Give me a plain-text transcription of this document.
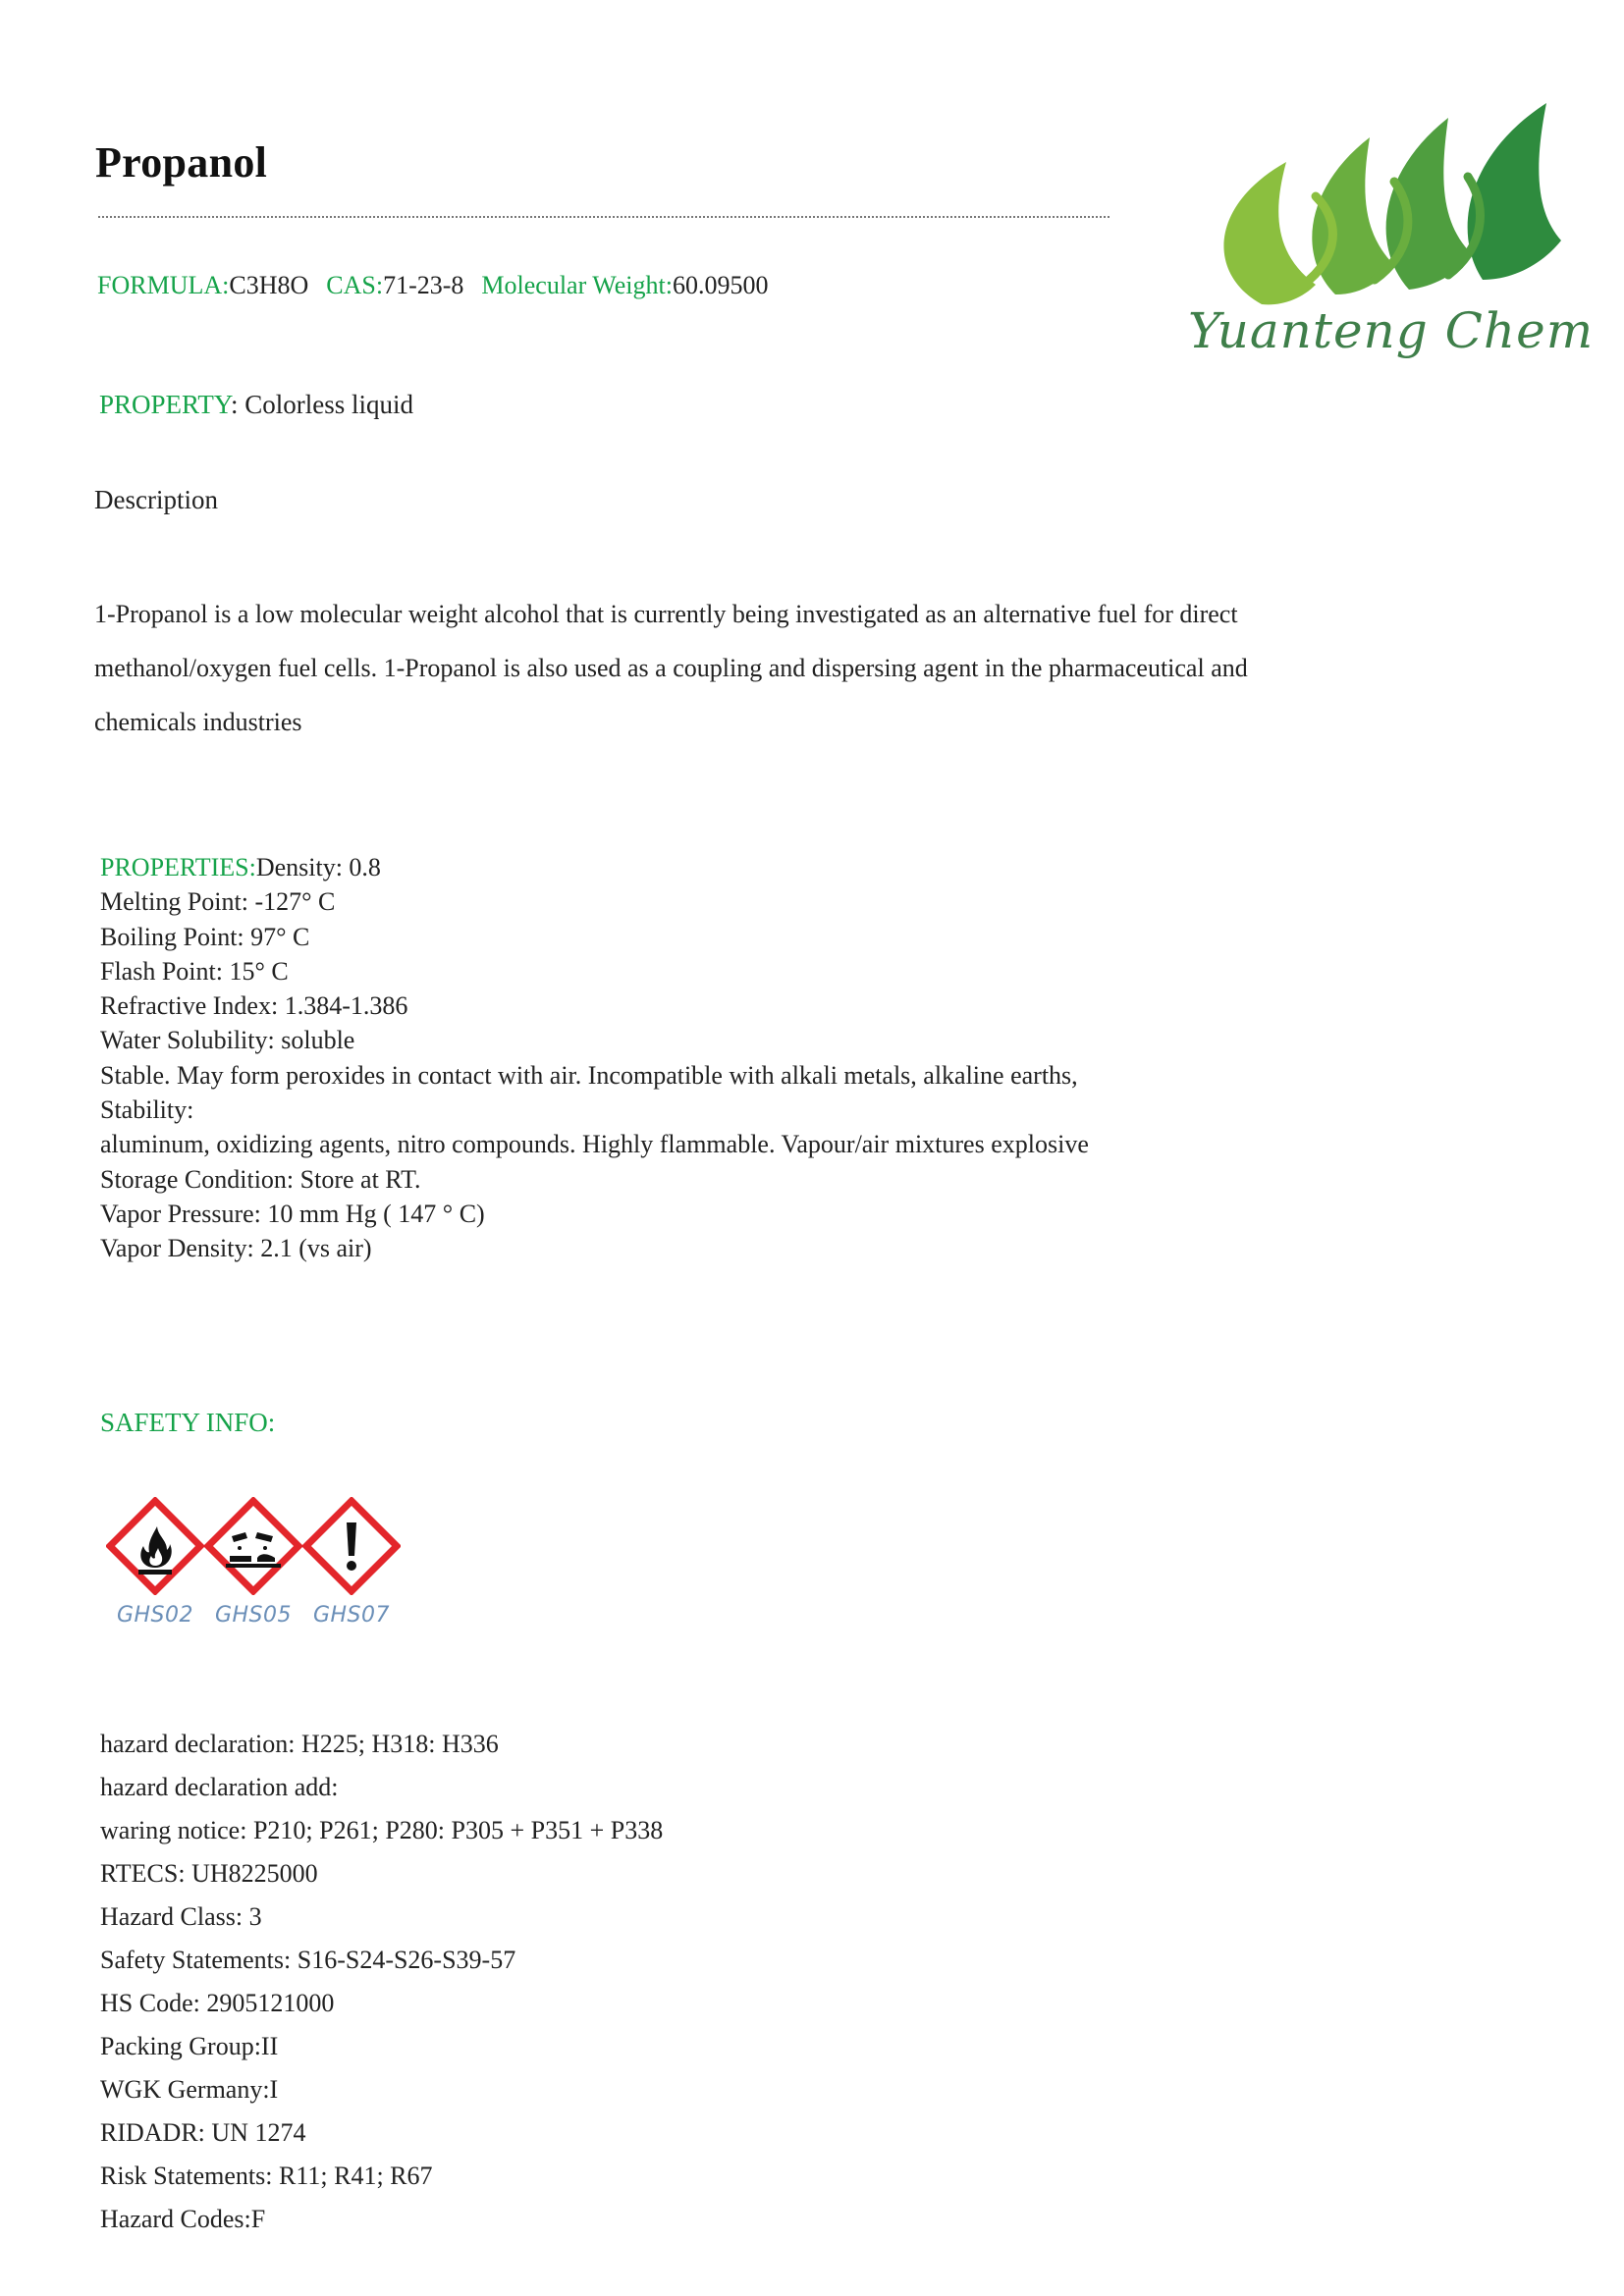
Propanol
FORMULA:C3H8O CAS:71-23-8 Molecular Weight:60.09500
PROPERTY: Colorless liquid
Description
1-Propanol is a low molecular weight alcohol that is currently being investigated as an alternative fuel for direct
methanol/oxygen fuel cells. 1-Propanol is also used as a coupling and dispersing agent in the pharmaceutical and
chemicals industries
PROPERTIES:Density: 0.8
Melting Point: -127° C
Boiling Point: 97° C
Flash Point: 15° C
Refractive Index: 1.384-1.386
Water Solubility: soluble
Stable. May form peroxides in contact with air. Incompatible with alkali metals, alkaline earths,
Stability:
aluminum, oxidizing agents, nitro compounds. Highly flammable. Vapour/air mixtures explosive
Storage Condition: Store at RT.
Vapor Pressure: 10 mm Hg ( 147 ° C)
Vapor Density: 2.1 (vs air)
SAFETY INFO:
GHS02 GHS05 GHS07
hazard declaration: H225; H318: H336
hazard declaration add:
waring notice: P210; P261; P280: P305 + P351 + P338
RTECS: UH8225000
Hazard Class: 3
Safety Statements: S16-S24-S26-S39-57
HS Code: 2905121000
Packing Group:II
WGK Germany:I
RIDADR: UN 1274
Risk Statements: R11; R41; R67
Hazard Codes:F
Yuanteng Chem
